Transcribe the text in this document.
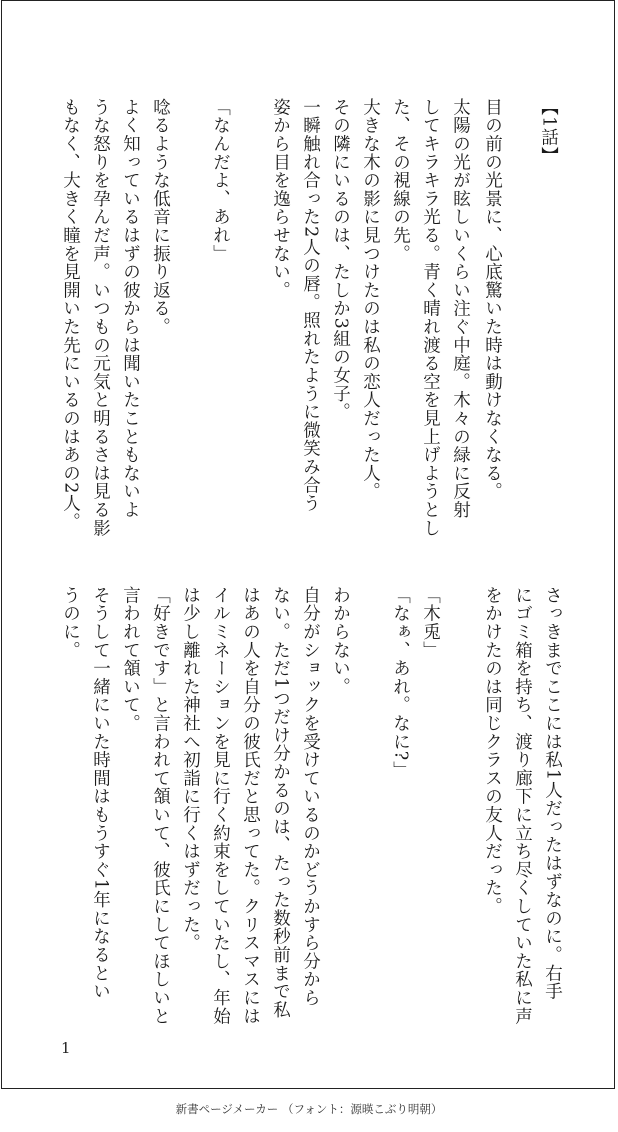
【1話】
目の前の光景に、心底驚いた時は動けなくなる。
太陽の光が眩しいくらい注ぐ中庭。木々の緑に反射
してキラキラ光る。青く晴れ渡る空を見上げようとし
た、その視線の先。
大きな木の影に見つけたのは私の恋人だった人。
その隣にいるのは、たしか3組の女子。
一瞬触れ合った2人の唇。照れたように微笑み合う
姿から目を逸らせない。
「なんだよ、あれ」
唸るような低音に振り返る。
よく知っているはずの彼からは聞いたこともないよ
うな怒りを孕んだ声。いつもの元気と明るさは見る影
もなく、大きく瞳を見開いた先にいるのはあの2人。
さっきまでここには私1人だったはずなのに。右手
にゴミ箱を持ち、渡り廊下に立ち尽くしていた私に声
をかけたのは同じクラスの友人だった。
「木兎」
「なぁ、あれ。なに?」
わからない。
自分がショックを受けているのかどうかすら分から
ない。ただ1つだけ分かるのは、たった数秒前まで私
はあの人を自分の彼氏だと思ってた。クリスマスには
イルミネーションを見に行く約束をしていたし、年始
は少し離れた神社へ初詣に行くはずだった。
「好きです」と言われて頷いて、彼氏にしてほしいと
言われて頷いて。
そうして一緒にいた時間はもうすぐ1年になるとい
うのに。
1
新書ページメーカー （フォント：源暎こぶり明朝）
